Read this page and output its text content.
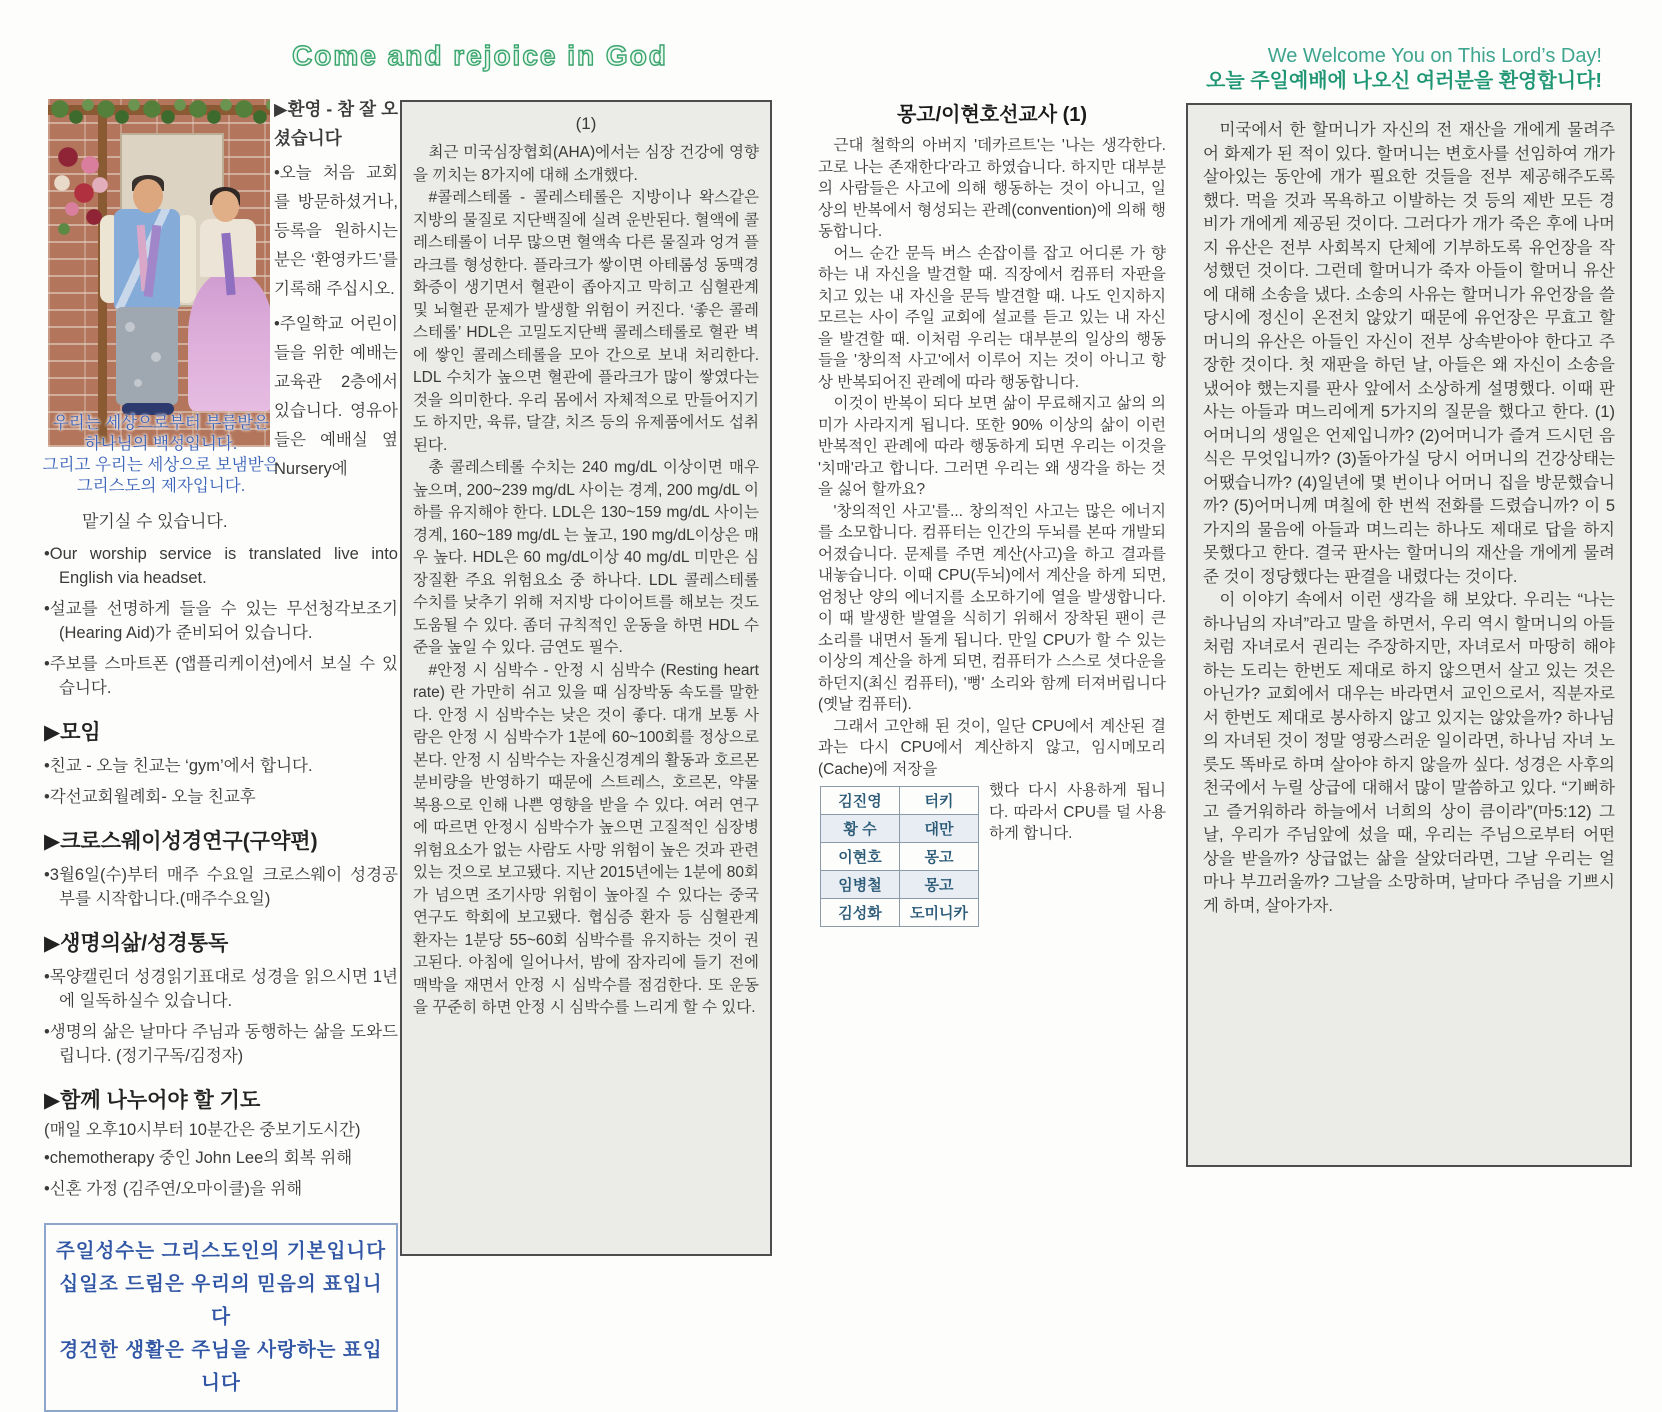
Come and rejoice in God	We Welcome You on This Lord’s Day!
오늘 주일예배에 나오신 여러분을 환영합니다!
우리는 세상으로부터 부름받은
하나님의 백성입니다.
그리고 우리는 세상으로 보냄받은
그리스도의 제자입니다.

▶환영 - 참 잘 오셨습니다

•오늘 처음 교회를 방문하셨거나, 등록을 원하시는 분은 ‘환영카드’를 기록해 주십시오.

•주일학교 어린이들을 위한 예배는 교육관 2층에서 있습니다. 영유아들은 예배실 옆 Nursery에

맡기실 수 있습니다.

•Our worship service is translated live into English via headset.

•설교를 선명하게 들을 수 있는 무선청각보조기(Hearing Aid)가 준비되어 있습니다.

•주보를 스마트폰 (앱플리케이션)에서 보실 수 있습니다.

▶모임

•친교 - 오늘 친교는 ‘gym’에서 합니다.

•각선교회월례회- 오늘 친교후

▶크로스웨이성경연구(구약편)

•3월6일(수)부터 매주 수요일 크로스웨이 성경공부를 시작합니다.(매주수요일)

▶생명의삶/성경통독

•목양캘린더 성경읽기표대로 성경을 읽으시면 1년에 일독하실수 있습니다.

•생명의 삶은 날마다 주님과 동행하는 삶을 도와드립니다. (정기구독/김정자)

▶함께 나누어야 할 기도
(매일 오후10시부터 10분간은 중보기도시간)

•chemotherapy 중인 John Lee의 회복 위해

•신혼 가정 (김주연/오마이클)을 위해

주일성수는 그리스도인의 기본입니다
십일조 드림은 우리의 믿음의 표입니다
경건한 생활은 주님을 사랑하는 표입니다
(1)

최근 미국심장협회(AHA)에서는 심장 건강에 영향을 끼치는 8가지에 대해 소개했다.

#콜레스테롤 - 콜레스테롤은 지방이나 왁스같은 지방의 물질로 지단백질에 실려 운반된다. 혈액에 콜레스테롤이 너무 많으면 혈액속 다른 물질과 엉겨 플라크를 형성한다. 플라크가 쌓이면 아테롬성 동맥경화증이 생기면서 혈관이 좁아지고 막히고 심혈관계 및 뇌혈관 문제가 발생할 위험이 커진다. ‘좋은 콜레스테롤’ HDL은 고밀도지단백 콜레스테롤로 혈관 벽에 쌓인 콜레스테롤을 모아 간으로 보내 처리한다. LDL 수치가 높으면 혈관에 플라크가 많이 쌓였다는 것을 의미한다. 우리 몸에서 자체적으로 만들어지기도 하지만, 육류, 달걀, 치즈 등의 유제품에서도 섭취된다.

총 콜레스테롤 수치는 240 mg/dL 이상이면 매우 높으며, 200~239 mg/dL 사이는 경계, 200 mg/dL 이하를 유지해야 한다. LDL은 130~159 mg/dL 사이는 경계, 160~189 mg/dL 는 높고, 190 mg/dL이상은 매우 높다. HDL은 60 mg/dL이상 40 mg/dL 미만은 심장질환 주요 위험요소 중 하나다. LDL 콜레스테롤 수치를 낮추기 위해 저지방 다이어트를 해보는 것도 도움될 수 있다. 좀더 규칙적인 운동을 하면 HDL 수준을 높일 수 있다. 금연도 필수.

#안정 시 심박수 - 안정 시 심박수 (Resting heart rate) 란 가만히 쉬고 있을 때 심장박동 속도를 말한다. 안정 시 심박수는 낮은 것이 좋다. 대개 보통 사람은 안정 시 심박수가 1분에 60~100회를 정상으로 본다. 안정 시 심박수는 자율신경계의 활동과 호르몬 분비량을 반영하기 때문에 스트레스, 호르몬, 약물 복용으로 인해 나쁜 영향을 받을 수 있다. 여러 연구에 따르면 안정시 심박수가 높으면 고질적인 심장병 위험요소가 없는 사람도 사망 위험이 높은 것과 관련있는 것으로 보고됐다. 지난 2015년에는 1분에 80회가 넘으면 조기사망 위험이 높아질 수 있다는 중국 연구도 학회에 보고됐다. 협심증 환자 등 심혈관계 환자는 1분당 55~60회 심박수를 유지하는 것이 권고된다. 아침에 일어나서, 밤에 잠자리에 들기 전에 맥박을 재면서 안정 시 심박수를 점검한다. 또 운동을 꾸준히 하면 안정 시 심박수를 느리게 할 수 있다.

몽고/이현호선교사 (1)

근대 철학의 아버지 '데카르트'는 '나는 생각한다. 고로 나는 존재한다'라고 하였습니다. 하지만 대부분의 사람들은 사고에 의해 행동하는 것이 아니고, 일상의 반복에서 형성되는 관례(convention)에 의해 행동합니다.

어느 순간 문득 버스 손잡이를 잡고 어디론 가 향하는 내 자신을 발견할 때. 직장에서 컴퓨터 자판을 치고 있는 내 자신을 문득 발견할 때. 나도 인지하지 모르는 사이 주일 교회에 설교를 듣고 있는 내 자신을 발견할 때. 이처럼 우리는 대부분의 일상의 행동들을 '창의적 사고'에서 이루어 지는 것이 아니고 항상 반복되어진 관례에 따라 행동합니다.

이것이 반복이 되다 보면 삶이 무료해지고 삶의 의미가 사라지게 됩니다. 또한 90% 이상의 삶이 이런 반복적인 관례에 따라 행동하게 되면 우리는 이것을 '치매'라고 합니다. 그러면 우리는 왜 생각을 하는 것을 싫어 할까요?

'창의적인 사고'를... 창의적인 사고는 많은 에너지를 소모합니다. 컴퓨터는 인간의 두뇌를 본따 개발되어졌습니다. 문제를 주면 계산(사고)을 하고 결과를 내놓습니다. 이때 CPU(두뇌)에서 계산을 하게 되면, 엄청난 양의 에너지를 소모하기에 열을 발생합니다. 이 때 발생한 발열을 식히기 위해서 장착된 팬이 큰 소리를 내면서 돌게 됩니다. 만일 CPU가 할 수 있는 이상의 계산을 하게 되면, 컴퓨터가 스스로 셧다운을 하던지(최신 컴퓨터), '뻥' 소리와 함께 터져버립니다(옛날 컴퓨터).

그래서 고안해 된 것이, 일단 CPU에서 계산된 결과는 다시 CPU에서 계산하지 않고, 임시메모리(Cache)에 저장을

김진영	터키
황 수	대만
이현호	몽고
임병철	몽고
김성화	도미니카

했다 다시 사용하게 됩니다. 따라서 CPU를 덜 사용하게 합니다.

미국에서 한 할머니가 자신의 전 재산을 개에게 물려주어 화제가 된 적이 있다. 할머니는 변호사를 선임하여 개가 살아있는 동안에 개가 필요한 것들을 전부 제공해주도록 했다. 먹을 것과 목욕하고 이발하는 것 등의 제반 모든 경비가 개에게 제공된 것이다. 그러다가 개가 죽은 후에 나머지 유산은 전부 사회복지 단체에 기부하도록 유언장을 작성했던 것이다. 그런데 할머니가 죽자 아들이 할머니 유산에 대해 소송을 냈다. 소송의 사유는 할머니가 유언장을 쓸 당시에 정신이 온전치 않았기 때문에 유언장은 무효고 할머니의 유산은 아들인 자신이 전부 상속받아야 한다고 주장한 것이다. 첫 재판을 하던 날, 아들은 왜 자신이 소송을 냈어야 했는지를 판사 앞에서 소상하게 설명했다. 이때 판사는 아들과 며느리에게 5가지의 질문을 했다고 한다. (1)어머니의 생일은 언제입니까? (2)어머니가 즐겨 드시던 음식은 무엇입니까? (3)돌아가실 당시 어머니의 건강상태는 어땠습니까? (4)일년에 몇 번이나 어머니 집을 방문했습니까? (5)어머니께 며칠에 한 번씩 전화를 드렸습니까? 이 5가지의 물음에 아들과 며느리는 하나도 제대로 답을 하지 못했다고 한다. 결국 판사는 할머니의 재산을 개에게 물려준 것이 정당했다는 판결을 내렸다는 것이다.

이 이야기 속에서 이런 생각을 해 보았다. 우리는 “나는 하나님의 자녀”라고 말을 하면서, 우리 역시 할머니의 아들처럼 자녀로서 권리는 주장하지만, 자녀로서 마땅히 해야하는 도리는 한번도 제대로 하지 않으면서 살고 있는 것은 아닌가? 교회에서 대우는 바라면서 교인으로서, 직분자로서 한번도 제대로 봉사하지 않고 있지는 않았을까? 하나님의 자녀된 것이 정말 영광스러운 일이라면, 하나님 자녀 노릇도 똑바로 하며 살아야 하지 않을까 싶다. 성경은 사후의 천국에서 누릴 상급에 대해서 많이 말씀하고 있다. “기뻐하고 즐거워하라 하늘에서 너희의 상이 큼이라”(마5:12) 그날, 우리가 주님앞에 섰을 때, 우리는 주님으로부터 어떤 상을 받을까? 상급없는 삶을 살았더라면, 그날 우리는 얼마나 부끄러울까? 그날을 소망하며, 날마다 주님을 기쁘시게 하며, 살아가자.
